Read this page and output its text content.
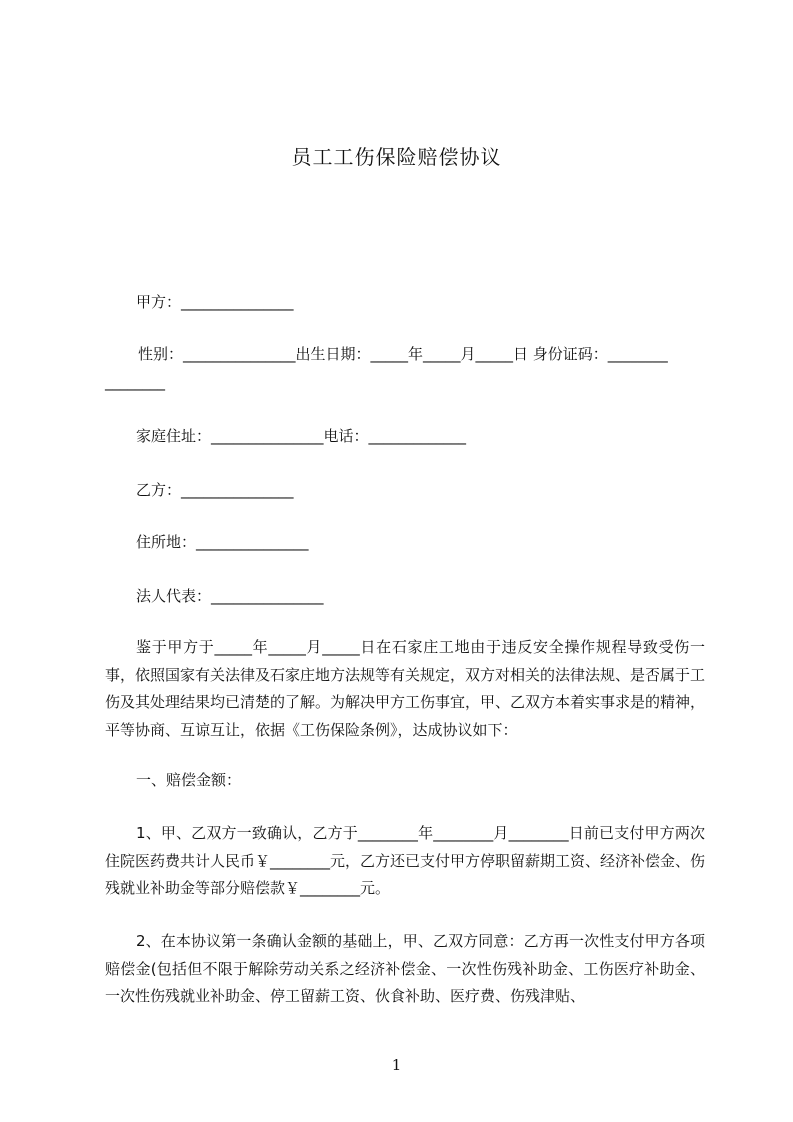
员工工伤保险赔偿协议
甲方：_______________
性别：_______________出生日期：_____年_____月_____日 身份证码：________
________
家庭住址：_______________电话：_____________
乙方：_______________
住所地：_______________
法人代表：_______________

鉴于甲方于_____年_____月_____日在石家庄工地由于违反安全操作规程导致受伤一事，依照国家有关法律及石家庄地方法规等有关规定，双方对相关的法律法规、是否属于工伤及其处理结果均已清楚的了解。为解决甲方工伤事宜，甲、乙双方本着实事求是的精神，平等协商、互谅互让，依据《工伤保险条例》，达成协议如下：

一、赔偿金额：

1、甲、乙双方一致确认，乙方于________年________月________日前已支付甲方两次住院医药费共计人民币￥________元，乙方还已支付甲方停职留薪期工资、经济补偿金、伤残就业补助金等部分赔偿款￥________元。

2、在本协议第一条确认金额的基础上，甲、乙双方同意：乙方再一次性支付甲方各项赔偿金(包括但不限于解除劳动关系之经济补偿金、一次性伤残补助金、工伤医疗补助金、一次性伤残就业补助金、停工留薪工资、伙食补助、医疗费、伤残津贴、

1
